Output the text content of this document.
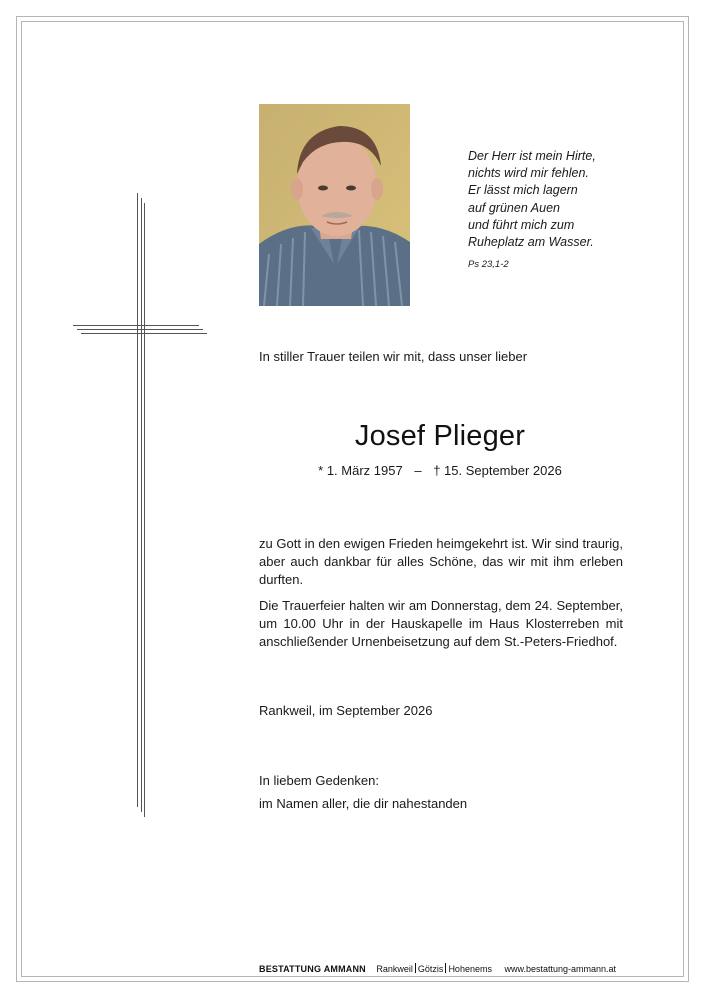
Der Herr ist mein Hirte,
nichts wird mir fehlen.
Er lässt mich lagern
auf grünen Auen
und führt mich zum
Ruheplatz am Wasser.
Ps 23,1-2
In stiller Trauer teilen wir mit, dass unser lieber
Josef Plieger
* 1. März 1957 – † 15. September 2026
zu Gott in den ewigen Frieden heimgekehrt ist. Wir sind traurig, aber auch dankbar für alles Schöne, das wir mit ihm erleben durften.
Die Trauerfeier halten wir am Donnerstag, dem 24. September, um 10.00 Uhr in der Hauskapelle im Haus Klosterreben mit anschließender Urnenbeisetzung auf dem St.-Peters-Friedhof.
Rankweil, im September 2026
In liebem Gedenken:
im Namen aller, die dir nahestanden
BESTATTUNG AMMANN Rankweil Götzis Hohenems www.bestattung-ammann.at
